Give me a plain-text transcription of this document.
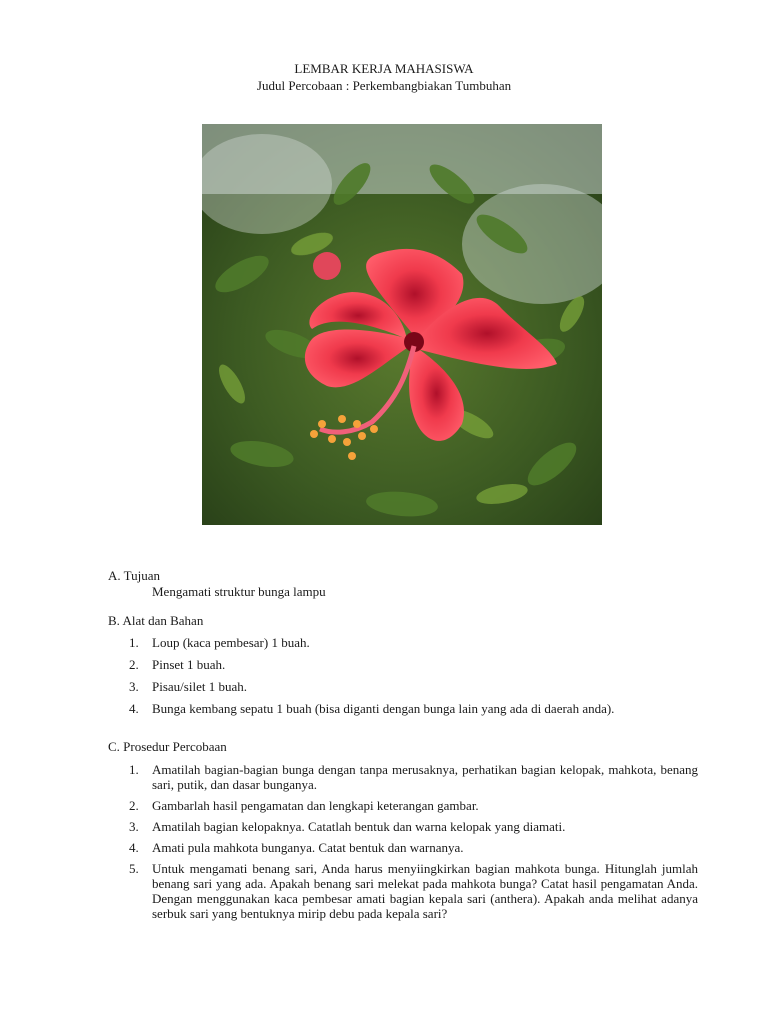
LEMBAR KERJA MAHASISWA
Judul Percobaan : Perkembangbiakan Tumbuhan
A. Tujuan
Mengamati struktur bunga lampu
B. Alat dan Bahan
1.	Loup (kaca pembesar) 1 buah.
2.	Pinset 1 buah.
3.	Pisau/silet 1 buah.
4.	Bunga kembang sepatu 1 buah (bisa diganti dengan bunga lain yang ada di daerah anda).
C. Prosedur Percobaan
1.	Amatilah bagian-bagian bunga dengan tanpa merusaknya, perhatikan bagian kelopak, mahkota, benang sari, putik, dan dasar bunganya.
2.	Gambarlah hasil pengamatan dan lengkapi keterangan gambar.
3.	Amatilah bagian kelopaknya. Catatlah bentuk dan warna kelopak yang diamati.
4.	Amati pula mahkota bunganya. Catat bentuk dan warnanya.
5.	Untuk mengamati benang sari, Anda harus menyiingkirkan bagian mahkota bunga. Hitunglah jumlah benang sari yang ada. Apakah benang sari melekat pada mahkota bunga? Catat hasil pengamatan Anda. Dengan menggunakan kaca pembesar amati bagian kepala sari (anthera). Apakah anda melihat adanya serbuk sari yang bentuknya mirip debu pada kepala sari?
